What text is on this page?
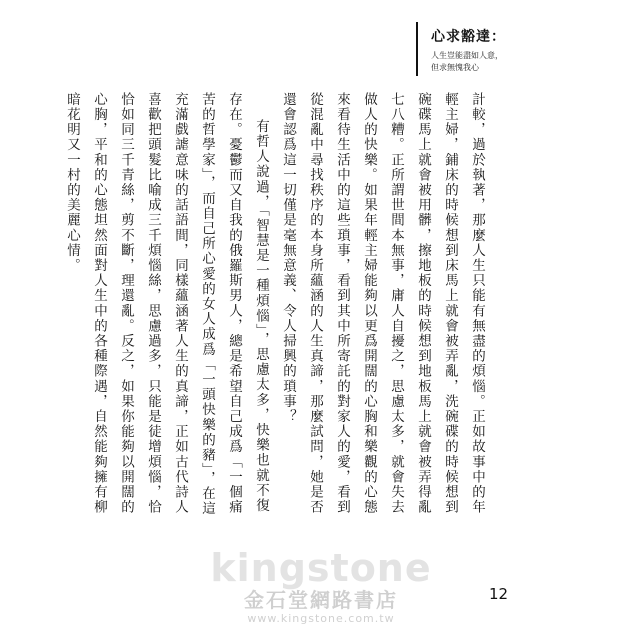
心求豁達：
人生豈能盡如人意，
但求無愧我心

計較，過於執著，那麼人生只能有無盡的煩惱。正如故事中的年輕主婦，鋪床的時候想到床馬上就會被弄亂，洗碗碟的時候想到碗碟馬上就會被用髒，擦地板的時候想到地板馬上就會被弄得亂七八糟。正所謂世間本無事，庸人自擾之，思慮太多，就會失去做人的快樂。如果年輕主婦能夠以更爲開闊的心胸和樂觀的心態來看待生活中的這些瑣事，看到其中所寄託的對家人的愛，看到從混亂中尋找秩序的本身所蘊涵的人生真諦，那麼試問，她是否還會認爲這一切僅是毫無意義、令人掃興的瑣事？

有哲人說過，「智慧是一種煩惱」，思慮太多，快樂也就不復存在。憂鬱而又自我的俄羅斯男人，總是希望自己成爲「一個痛苦的哲學家」，而自己所心愛的女人成爲「一頭快樂的豬」，在這充滿戲謔意味的話語間，同樣蘊涵著人生的真諦，正如古代詩人喜歡把頭髮比喻成三千煩惱絲，思慮過多，只能是徒增煩惱，恰恰如同三千青絲，剪不斷，理還亂。反之，如果你能夠以開闊的心胸，平和的心態坦然面對人生中的各種際遇，自然能夠擁有柳暗花明又一村的美麗心情。

kingstone
金石堂網路書店
www.kingstone.com.tw
12
